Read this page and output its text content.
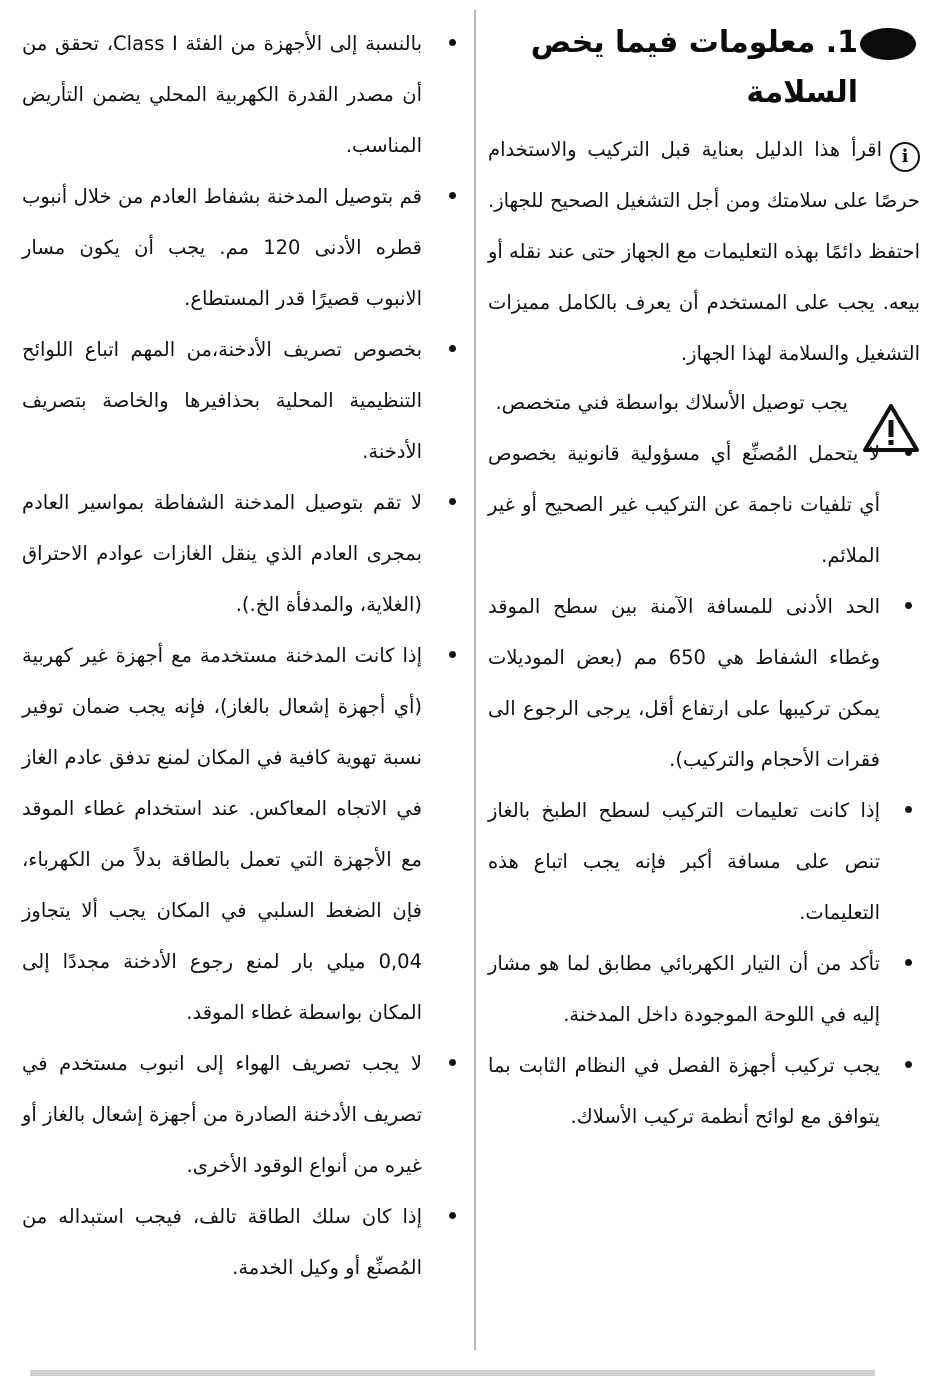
1. معلومات فيما يخص السلامة
i

اقرأ هذا الدليل بعناية قبل التركيب والاستخدام حرصًا على سلامتك ومن أجل التشغيل الصحيح للجهاز. احتفظ دائمًا بهذه التعليمات مع الجهاز حتى عند نقله أو بيعه. يجب على المستخدم أن يعرف بالكامل مميزات التشغيل والسلامة لهذا الجهاز.

يجب توصيل الأسلاك بواسطة فني متخصص.

لا يتحمل المُصنِّع أي مسؤولية قانونية بخصوص أي تلفيات ناجمة عن التركيب غير الصحيح أو غير الملائم.

الحد الأدنى للمسافة الآمنة بين سطح الموقد وغطاء الشفاط هي 650 مم (بعض الموديلات يمكن تركيبها على ارتفاع أقل، يرجى الرجوع الى فقرات الأحجام والتركيب).

إذا كانت تعليمات التركيب لسطح الطبخ بالغاز تنص على مسافة أكبر فإنه يجب اتباع هذه التعليمات.

تأكد من أن التيار الكهربائي مطابق لما هو مشار إليه في اللوحة الموجودة داخل المدخنة.

يجب تركيب أجهزة الفصل في النظام الثابت بما يتوافق مع لوائح أنظمة تركيب الأسلاك.

بالنسبة إلى الأجهزة من الفئة Class I، تحقق من أن مصدر القدرة الكهربية المحلي يضمن التأريض المناسب.

قم بتوصيل المدخنة بشفاط العادم من خلال أنبوب قطره الأدنى 120 مم. يجب أن يكون مسار الانبوب قصيرًا قدر المستطاع.

بخصوص تصريف الأدخنة،من المهم اتباع اللوائح التنظيمية المحلية بحذافيرها والخاصة بتصريف الأدخنة.

لا تقم بتوصيل المدخنة الشفاطة بمواسير العادم بمجرى العادم الذي ينقل الغازات عوادم الاحتراق (الغلاية، والمدفأة الخ.).

إذا كانت المدخنة مستخدمة مع أجهزة غير كهربية (أي أجهزة إشعال بالغاز)، فإنه يجب ضمان توفير نسبة تهوية كافية في المكان لمنع تدفق عادم الغاز في الاتجاه المعاكس. عند استخدام غطاء الموقد مع الأجهزة التي تعمل بالطاقة بدلاً من الكهرباء، فإن الضغط السلبي في المكان يجب ألا يتجاوز 0,04 ميلي بار لمنع رجوع الأدخنة مجددًا إلى المكان بواسطة غطاء الموقد.

لا يجب تصريف الهواء إلى انبوب مستخدم في تصريف الأدخنة الصادرة من أجهزة إشعال بالغاز أو غيره من أنواع الوقود الأخرى.

إذا كان سلك الطاقة تالف، فيجب استبداله من المُصنِّع أو وكيل الخدمة.
